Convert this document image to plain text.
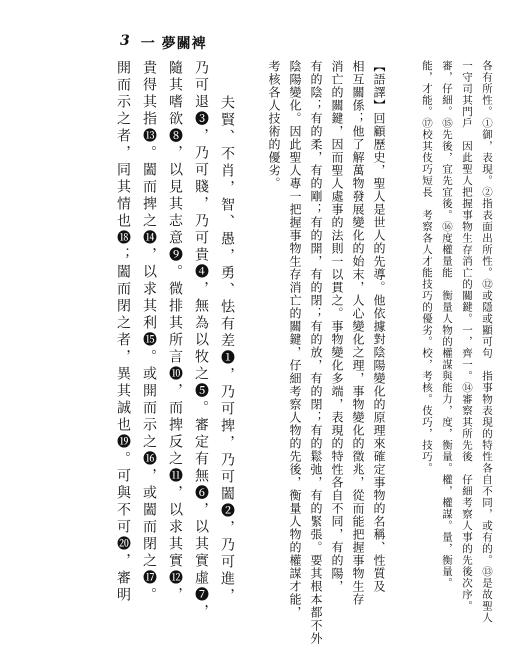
3 一 夢關裨
各有所性。①御，表現。②指表面出所性。⑫或隱或顯可句　指事物表現的特性各自不同，或有的。⑬是故聖人
一守司其門戶　因此聖人把握事物生存消亡的關鍵。一，齊一。⑭審察其所先後　仔細考察人事的先後次序。
審，仔細。⑮先後，宜先宜後。⑯度權量能　衡量人物的權謀與能力，度，衡量。權，權謀。量，衡量。
能，才能。⑰校其伎巧短長　考察各人才能技巧的優劣。校，考核。伎巧，技巧。
【語譯】回顧歷史，聖人是世人的先導。他依據對陰陽變化的原理來確定事物的名稱、性質及
相互關係；他了解萬物發展變化的始末，人心變化之理，事物變化的徵兆，從而能把握事物生存
消亡的關鍵，因而聖人處事的法則一以貫之。事物變化多端，表現的特性各自不同，有的陽，
有的陰；有的柔，有的剛；有的開，有的閉；有的放，有的閉；有的鬆弛，有的緊張。要其根本都不外
陰陽變化。因此聖人專一把握事物生存消亡的關鍵，仔細考察人物的先後，衡量人物的權謀才能，
考核各人技術的優劣。
夫賢、不肖，智、愚，勇、怯有差❶，乃可捭，乃可闔❷，乃可進，
乃可退❸，乃可賤，乃可貴❹，無為以牧之❺。審定有無❻，以其實虛❼，
隨其嗜欲❽，以見其志意❾。微排其所言❿，而捭反之⓫，以求其實⓬，
貴得其指⓭。闔而捭之⓮，以求其利⓯。或開而示之⓰，或闔而閉之⓱。
開而示之者，同其情也⓲；闔而閉之者，異其誠也⓳。可與不可⓴，審明
